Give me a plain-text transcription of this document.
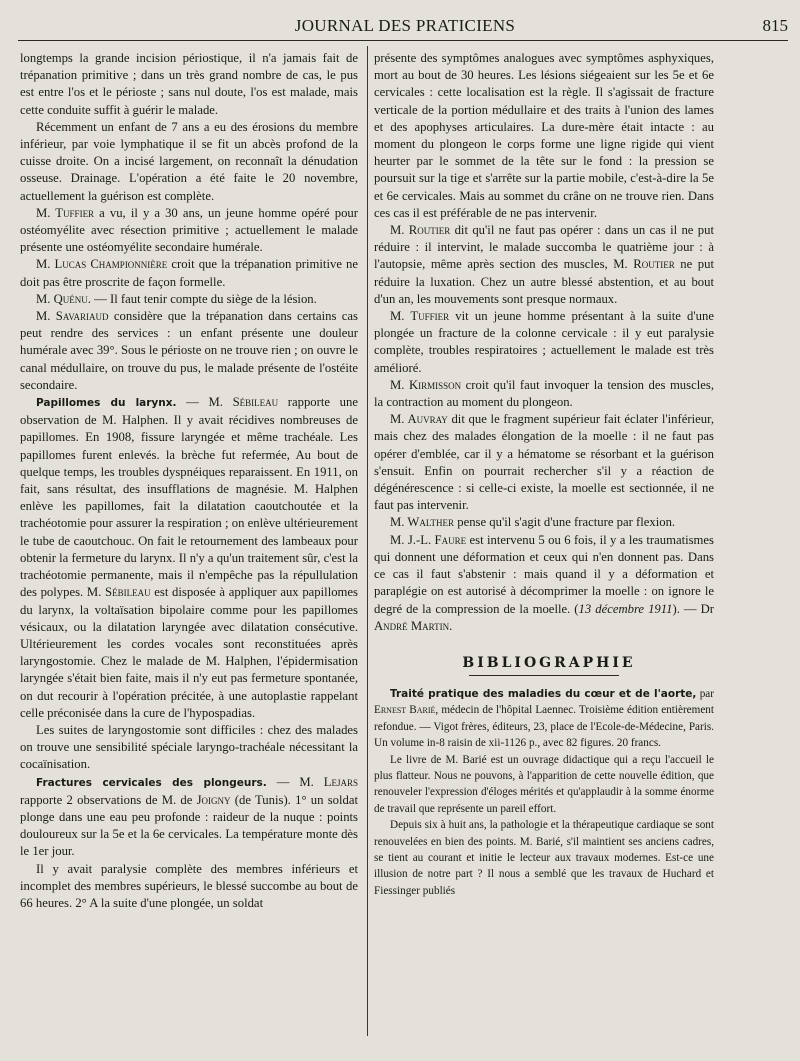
JOURNAL DES PRATICIENS	815

longtemps la grande incision périostique, il n'a jamais fait de trépanation primitive ; dans un très grand nombre de cas, le pus est entre l'os et le périoste ; sans nul doute, l'os est malade, mais cette conduite suffit à guérir le malade.

Récemment un enfant de 7 ans a eu des érosions du membre inférieur, par voie lymphatique il se fit un abcès profond de la cuisse droite. On a incisé largement, on reconnaît la dénudation osseuse. Drainage. L'opération a été faite le 20 novembre, actuellement la guérison est complète.

M. Tuffier a vu, il y a 30 ans, un jeune homme opéré pour ostéomyélite avec résection primitive ; actuellement le malade présente une ostéomyélite secondaire humérale.

M. Lucas Championnière croit que la trépanation primitive ne doit pas être proscrite de façon formelle.

M. Quénu. — Il faut tenir compte du siège de la lésion.

M. Savariaud considère que la trépanation dans certains cas peut rendre des services : un enfant présente une douleur humérale avec 39°. Sous le périoste on ne trouve rien ; on ouvre le canal médullaire, on trouve du pus, le malade présente de l'ostéite secondaire.

Papillomes du larynx. — M. Sébileau rapporte une observation de M. Halphen. Il y avait récidives nombreuses de papillomes. En 1908, fissure laryngée et même trachéale. Les papillomes furent enlevés. la brèche fut refermée, Au bout de quelque temps, les troubles dyspnéiques reparaissent. En 1911, on fait, sans résultat, des insufflations de magnésie. M. Halphen enlève les papillomes, fait la dilatation caoutchoutée et la trachéotomie pour assurer la respiration ; on enlève ultérieurement le tube de caoutchouc. On fait le retournement des lambeaux pour obtenir la fermeture du larynx. Il n'y a qu'un traitement sûr, c'est la trachéotomie permanente, mais il n'empêche pas la répullulation des polypes. M. Sébileau est disposée à appliquer aux papillomes du larynx, la voltaïsation bipolaire comme pour les papillomes vésicaux, ou la dilatation laryngée avec dilatation consécutive. Ultérieurement les cordes vocales sont reconstituées après laryngostomie. Chez le malade de M. Halphen, l'épidermisation laryngée s'était bien faite, mais il n'y eut pas fermeture spontanée, on dut recourir à l'opération précitée, à une autoplastie rappelant celle préconisée dans la cure de l'hypospadias.

Les suites de laryngostomie sont difficiles : chez des malades on trouve une sensibilité spéciale laryngo-trachéale nécessitant la cocaïnisation.

Fractures cervicales des plongeurs. — M. Lejars rapporte 2 observations de M. de Joigny (de Tunis). 1° un soldat plonge dans une eau peu profonde : raideur de la nuque : points douloureux sur la 5e et la 6e cervicales. La température monte dès le 1er jour.

Il y avait paralysie complète des membres inférieurs et incomplet des membres supérieurs, le blessé succombe au bout de 66 heures. 2° A la suite d'une plongée, un soldat

présente des symptômes analogues avec symptômes asphyxiques, mort au bout de 30 heures. Les lésions siégeaient sur les 5e et 6e cervicales : cette localisation est la règle. Il s'agissait de fracture verticale de la portion médullaire et des traits à l'union des lames et des apophyses articulaires. La dure-mère était intacte : au moment du plongeon le corps forme une ligne rigide qui vient heurter par le sommet de la tête sur le fond : la pression se poursuit sur la tige et s'arrête sur la partie mobile, c'est-à-dire la 5e et 6e cervicales. Mais au sommet du crâne on ne trouve rien. Dans ces cas il est préférable de ne pas intervenir.

M. Routier dit qu'il ne faut pas opérer : dans un cas il ne put réduire : il intervint, le malade succomba le quatrième jour : à l'autopsie, même après section des muscles, M. Routier ne put réduire la luxation. Chez un autre blessé abstention, et au bout d'un an, les mouvements sont presque normaux.

M. Tuffier vit un jeune homme présentant à la suite d'une plongée un fracture de la colonne cervicale : il y eut paralysie complète, troubles respiratoires ; actuellement le malade est très amélioré.

M. Kirmisson croit qu'il faut invoquer la tension des muscles, la contraction au moment du plongeon.

M. Auvray dit que le fragment supérieur fait éclater l'inférieur, mais chez des malades élongation de la moelle : il ne faut pas opérer d'emblée, car il y a hématome se résorbant et la guérison s'ensuit. Enfin on pourrait rechercher s'il y a réaction de dégénérescence : si celle-ci existe, la moelle est sectionnée, il ne faut pas intervenir.

M. Walther pense qu'il s'agit d'une fracture par flexion.

M. J.-L. Faure est intervenu 5 ou 6 fois, il y a les traumatismes qui donnent une déformation et ceux qui n'en donnent pas. Dans ce cas il faut s'abstenir : mais quand il y a déformation et paraplégie on est autorisé à décomprimer la moelle : on ignore le degré de la compression de la moelle. (13 décembre 1911). — Dr André Martin.

BIBLIOGRAPHIE

Traité pratique des maladies du cœur et de l'aorte, par Ernest Barié, médecin de l'hôpital Laennec. Troisième édition entièrement refondue. — Vigot frères, éditeurs, 23, place de l'Ecole-de-Médecine, Paris. Un volume in-8 raisin de xii-1126 p., avec 82 figures. 20 francs.

Le livre de M. Barié est un ouvrage didactique qui a reçu l'accueil le plus flatteur. Nous ne pouvons, à l'apparition de cette nouvelle édition, que renouveler l'expression d'éloges mérités et qu'applaudir à la somme énorme de travail que représente un pareil effort.

Depuis six à huit ans, la pathologie et la thérapeutique cardiaque se sont renouvelées en bien des points. M. Barié, s'il maintient ses anciens cadres, se tient au courant et initie le lecteur aux travaux modernes. Est-ce une illusion de notre part ? Il nous a semblé que les travaux de Huchard et Fiessinger publiés
